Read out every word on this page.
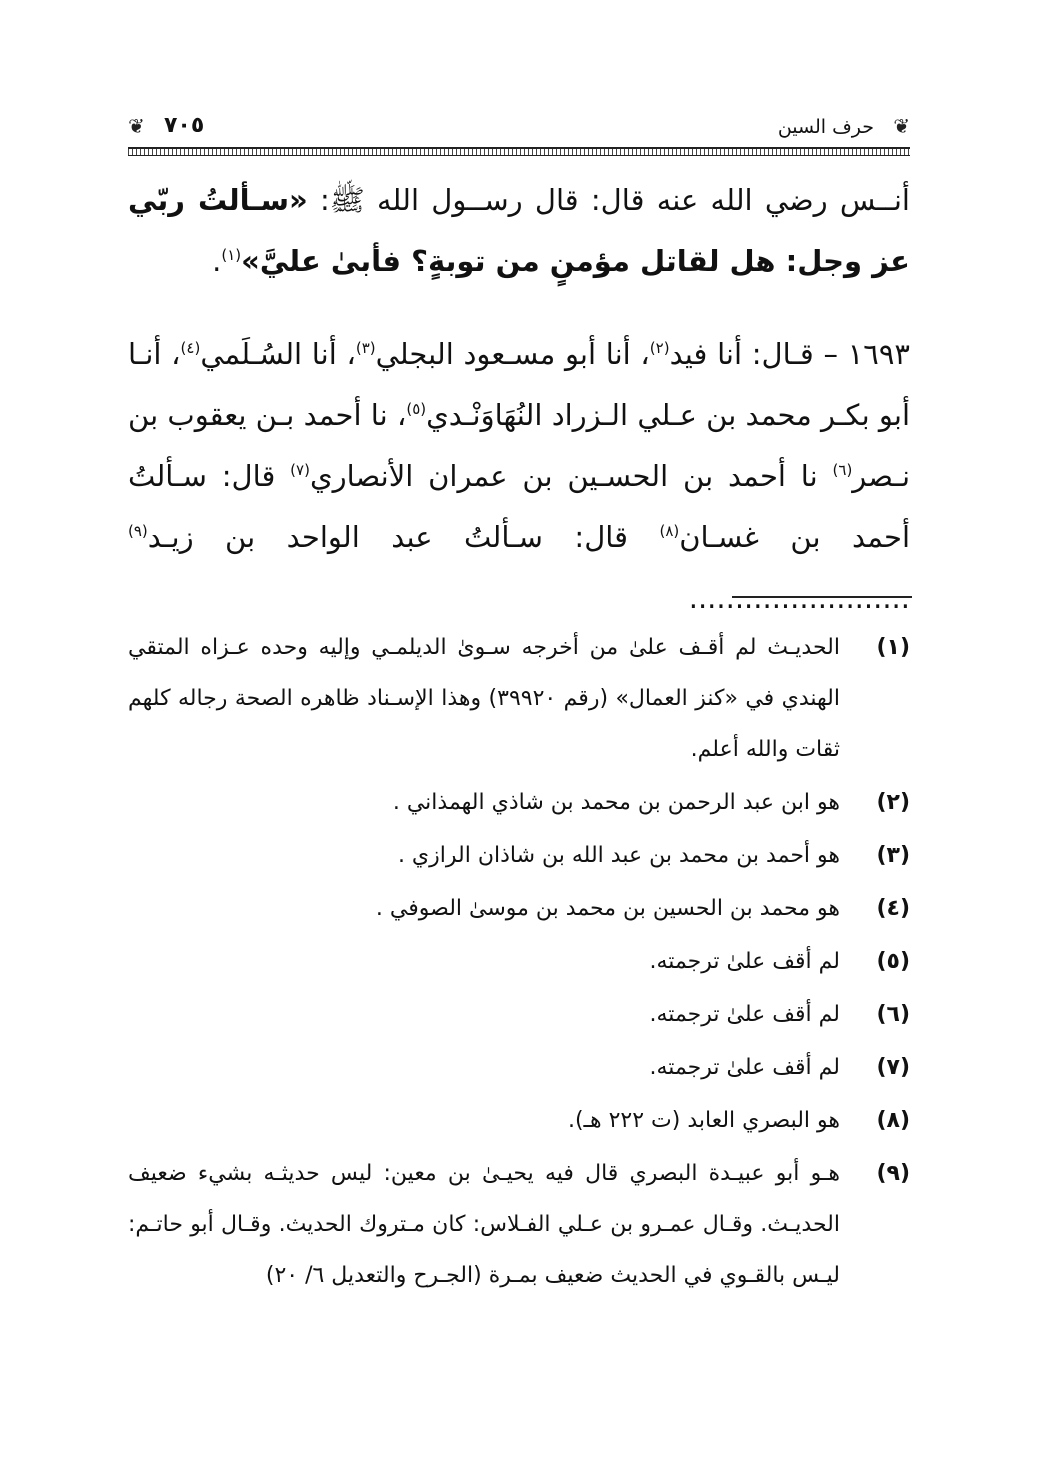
❦
حرف السين
٧٠٥
❦

أنــس رضي الله عنه قال: قال رســول الله ﷺ: «سـألتُ ربّي عز وجل: هل لقاتل مؤمنٍ من توبةٍ؟ فأبىٰ عليَّ»$^{(١)}$.

١٦٩٣ – قـال: أنا فيد$^{(٢)}$، أنا أبو مسـعود البجلي$^{(٣)}$، أنا السُـلَمي$^{(٤)}$، أنـا أبو بكـر محمد بن عـلي الـزراد النُهَاوَنْـدي$^{(٥)}$، نا أحمد بـن يعقوب بن نـصر$^{(٦)}$ نا أحمد بن الحسـين بن عمران الأنصاري$^{(٧)}$ قال: سـألتُ أحمد بن غسـان$^{(٨)}$ قال: سـألتُ عبد الواحد بن زيـد$^{(٩)}$ ........................

(١)
الحديـث لم أقـف علىٰ من أخرجه سـوىٰ الديلمـي وإليه وحده عـزاه المتقي الهندي في «كنز العمال» (رقم ٣٩٩٢٠) وهذا الإسـناد ظاهره الصحة رجاله كلهم ثقات والله أعلم.
(٢)
هو ابن عبد الرحمن بن محمد بن شاذي الهمذاني .
(٣)
هو أحمد بن محمد بن عبد الله بن شاذان الرازي .
(٤)
هو محمد بن الحسين بن محمد بن موسىٰ الصوفي .
(٥)
لم أقف علىٰ ترجمته.
(٦)
لم أقف علىٰ ترجمته.
(٧)
لم أقف علىٰ ترجمته.
(٨)
هو البصري العابد (ت ٢٢٢ هـ).
(٩)
هـو أبو عبيـدة البصري قال فيه يحيـىٰ بن معين: ليس حديثـه بشيء ضعيف الحديـث. وقـال عمـرو بن عـلي الفـلاس: كان مـتروك الحديث. وقـال أبو حاتـم: ليـس بالقـوي في الحديث ضعيف بمـرة (الجـرح والتعديل ٦/ ٢٠)
